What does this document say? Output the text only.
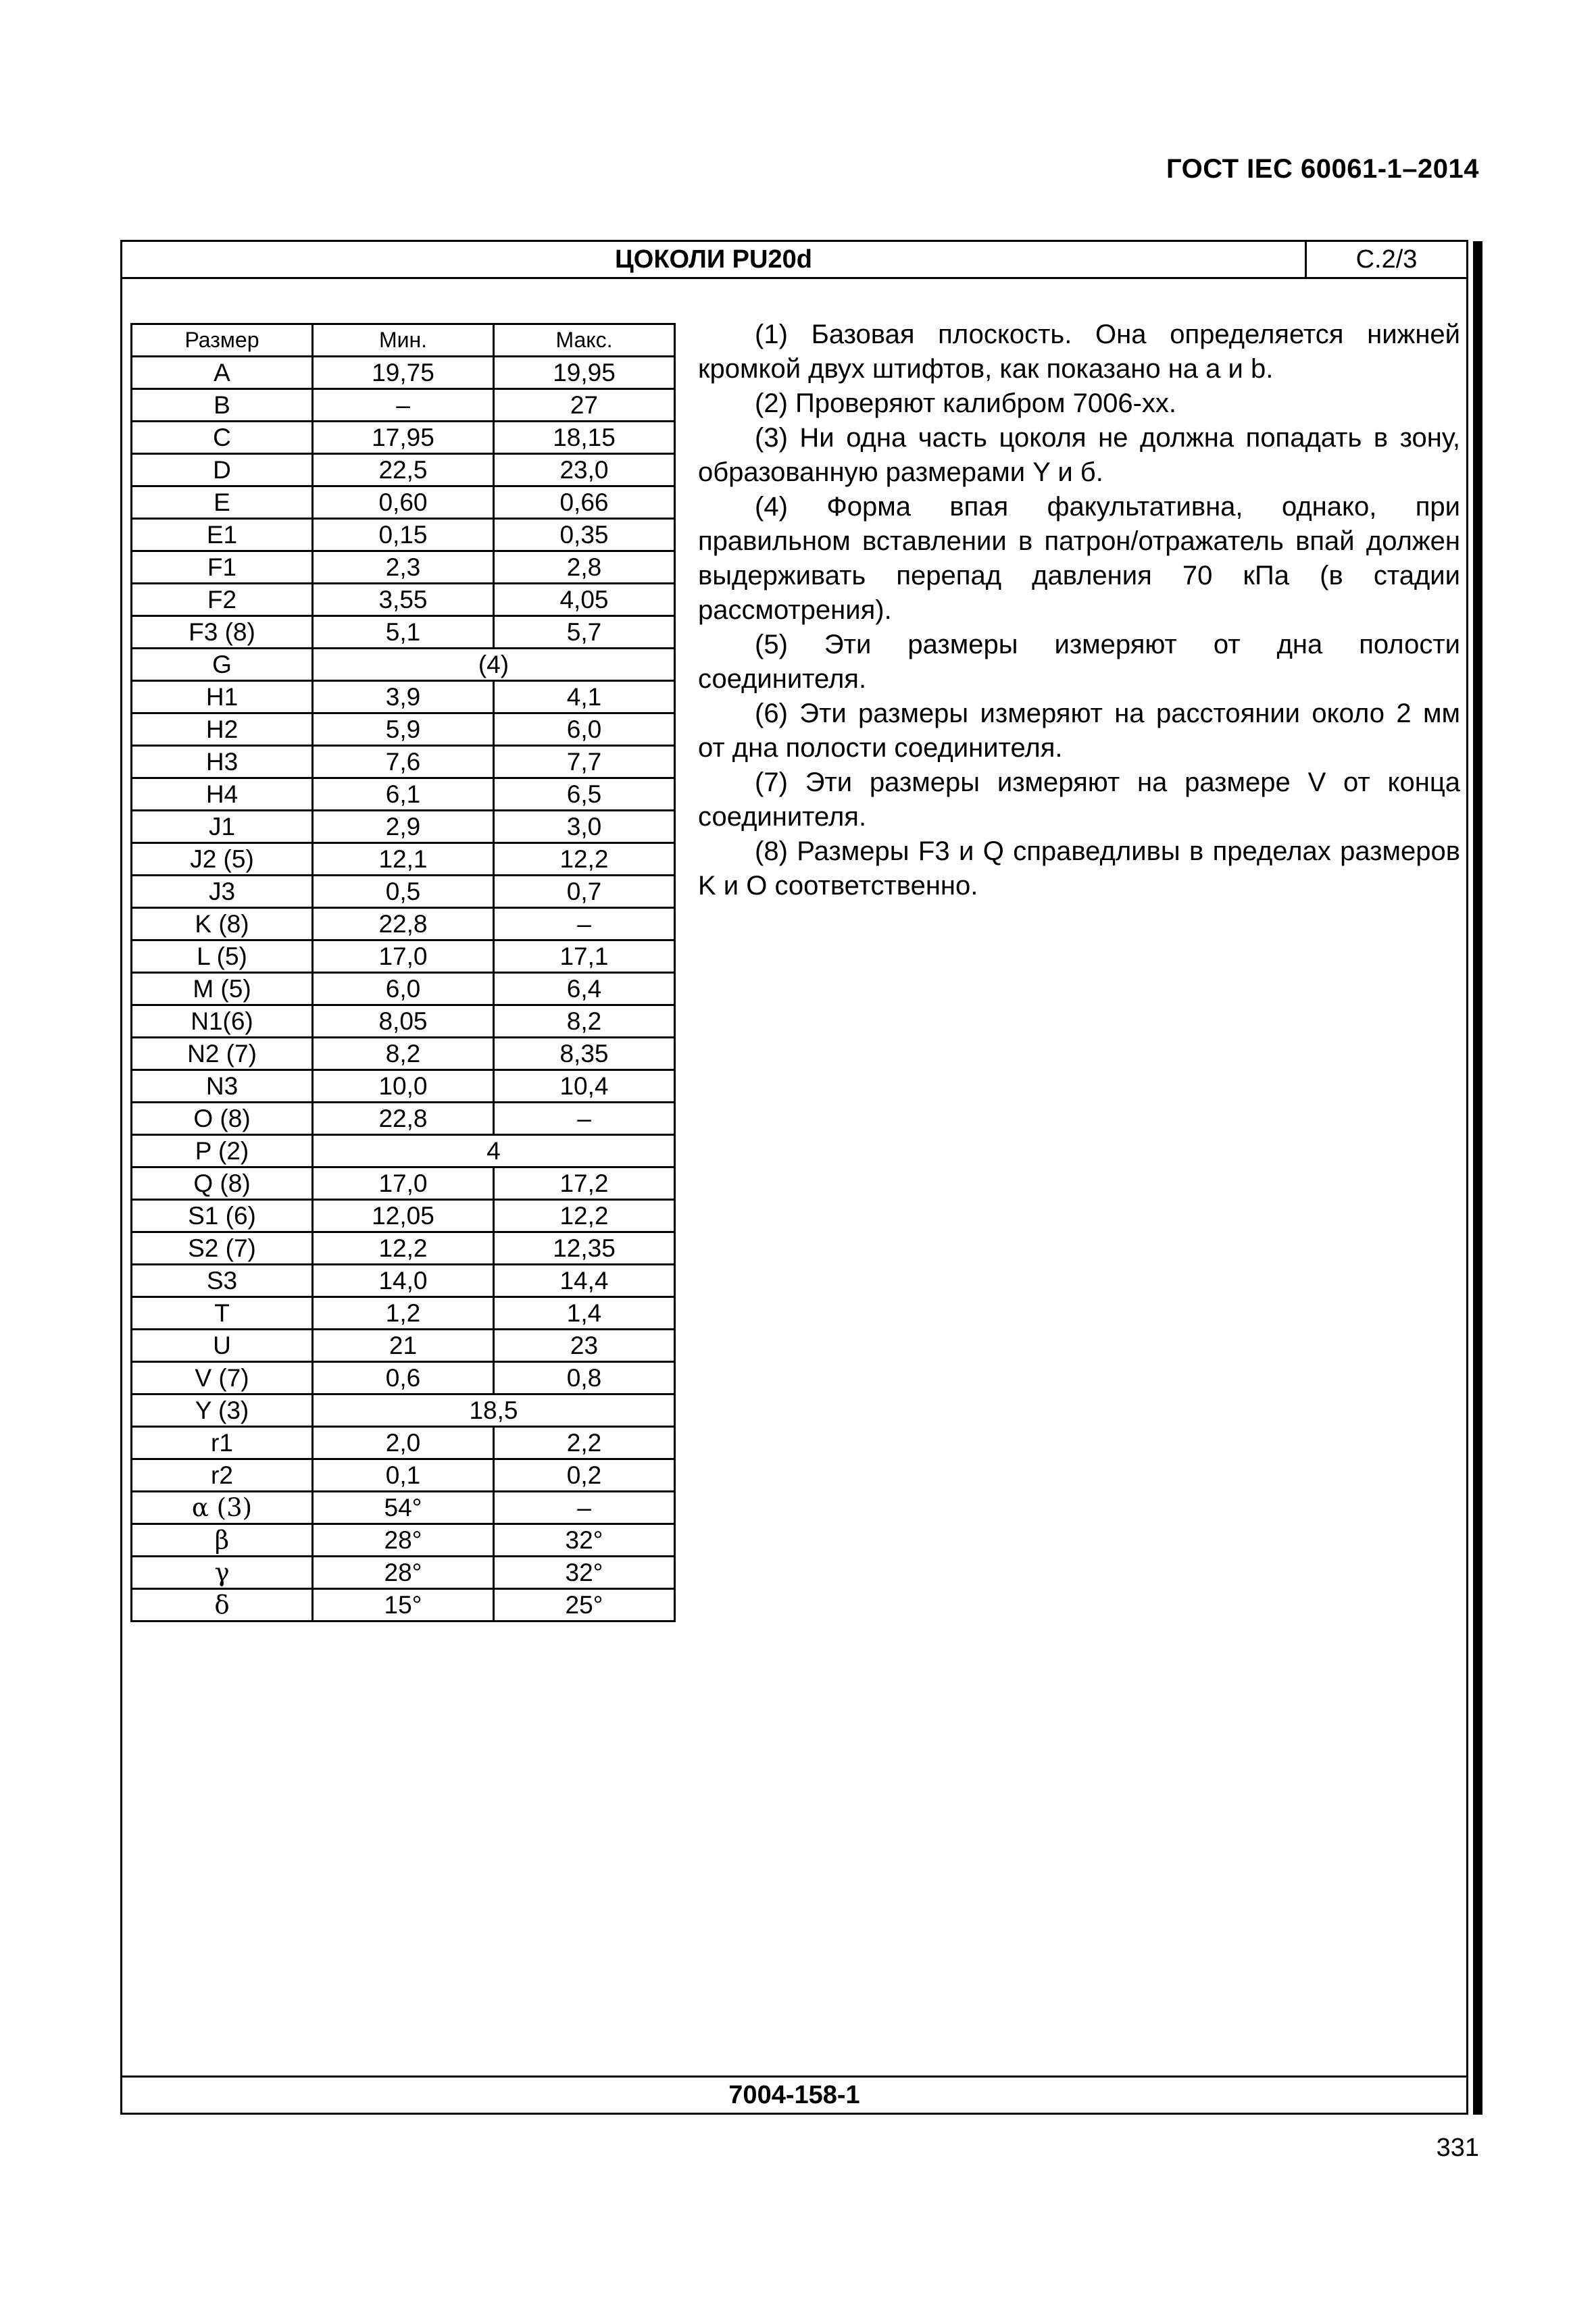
ГОСТ IEC 60061-1–2014
ЦОКОЛИ PU20d	С.2/3
Размер	Мин.	Макс.
A	19,75	19,95
B	–	27
C	17,95	18,15
D	22,5	23,0
E	0,60	0,66
E1	0,15	0,35
F1	2,3	2,8
F2	3,55	4,05
F3 (8)	5,1	5,7
G	(4)	
H1	3,9	4,1
H2	5,9	6,0
H3	7,6	7,7
H4	6,1	6,5
J1	2,9	3,0
J2 (5)	12,1	12,2
J3	0,5	0,7
K (8)	22,8	–
L (5)	17,0	17,1
M (5)	6,0	6,4
N1(6)	8,05	8,2
N2 (7)	8,2	8,35
N3	10,0	10,4
O (8)	22,8	–
P (2)	4	
Q (8)	17,0	17,2
S1 (6)	12,05	12,2
S2 (7)	12,2	12,35
S3	14,0	14,4
T	1,2	1,4
U	21	23
V (7)	0,6	0,8
Y (3)	18,5	
r1	2,0	2,2
r2	0,1	0,2
α (3)	54°	–
β	28°	32°
γ	28°	32°
δ	15°	25°

(1) Базовая плоскость. Она определяется нижней кромкой двух штифтов, как показано на a и b.

(2) Проверяют калибром 7006-хх.

(3) Ни одна часть цоколя не должна попадать в зону, образованную размерами Y и б.

(4) Форма впая факультативна, однако, при правильном вставлении в патрон/отражатель впай должен выдерживать перепад давления 70 кПа (в стадии рассмотрения).

(5) Эти размеры измеряют от дна полости соединителя.

(6) Эти размеры измеряют на расстоянии около 2 мм от дна полости соединителя.

(7) Эти размеры измеряют на размере V от конца соединителя.

(8) Размеры F3 и Q справедливы в пределах размеров K и O соответственно.

7004-158-1
331
